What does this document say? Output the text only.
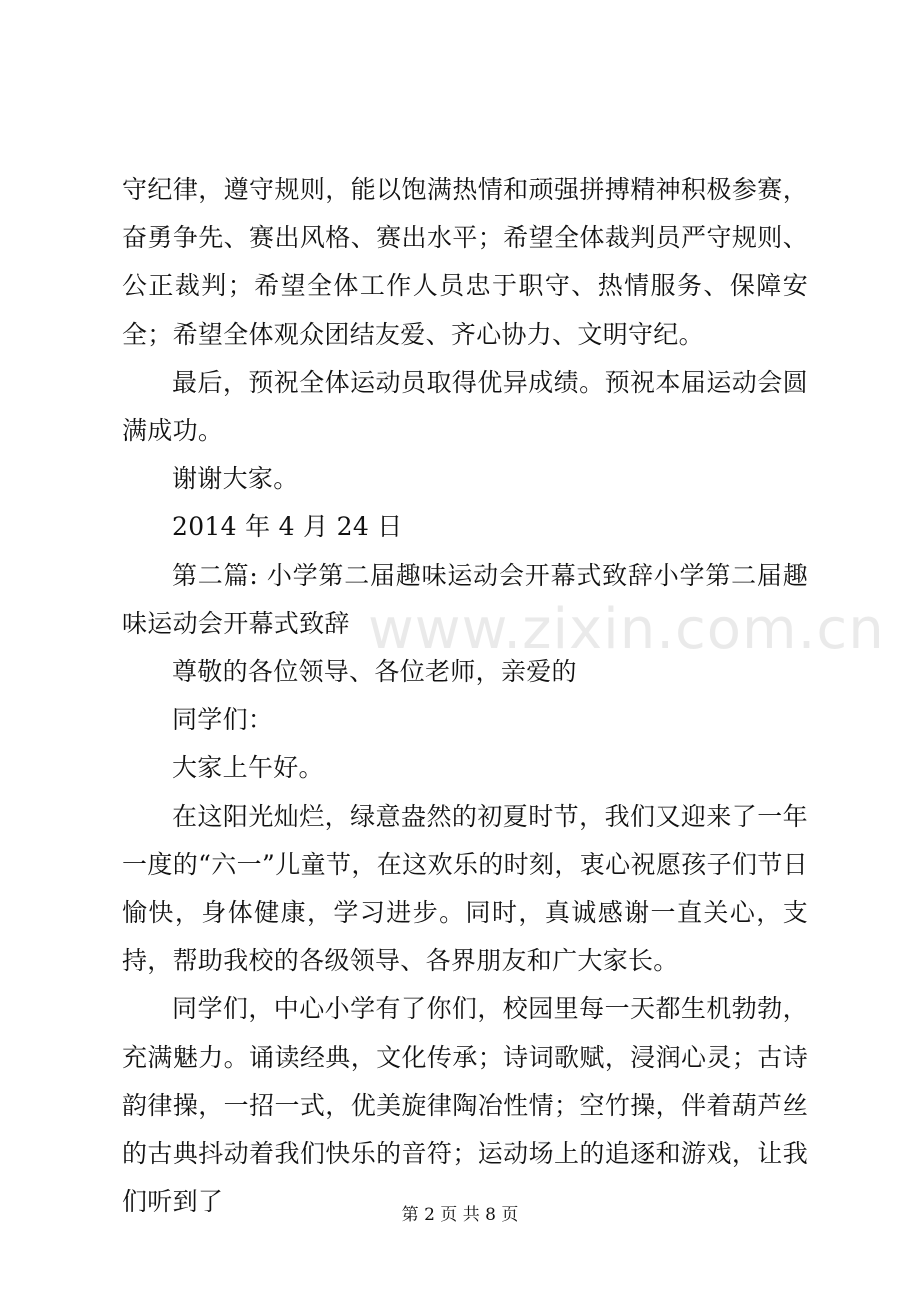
守纪律，遵守规则，能以饱满热情和顽强拼搏精神积极参赛，奋勇争先、赛出风格、赛出水平；希望全体裁判员严守规则、公正裁判；希望全体工作人员忠于职守、热情服务、保障安全；希望全体观众团结友爱、齐心协力、文明守纪。

最后，预祝全体运动员取得优异成绩。预祝本届运动会圆满成功。

谢谢大家。

2014 年 4 月 24 日

第二篇: 小学第二届趣味运动会开幕式致辞小学第二届趣味运动会开幕式致辞

尊敬的各位领导、各位老师，亲爱的

同学们：

大家上午好。

在这阳光灿烂，绿意盎然的初夏时节，我们又迎来了一年一度的“六一”儿童节，在这欢乐的时刻，衷心祝愿孩子们节日愉快，身体健康，学习进步。同时，真诚感谢一直关心，支持，帮助我校的各级领导、各界朋友和广大家长。

同学们，中心小学有了你们，校园里每一天都生机勃勃，充满魅力。诵读经典，文化传承；诗词歌赋，浸润心灵；古诗韵律操，一招一式，优美旋律陶冶性情；空竹操，伴着葫芦丝的古典抖动着我们快乐的音符；运动场上的追逐和游戏，让我们听到了

www.zixin.com.cn
第 2 页 共 8 页
